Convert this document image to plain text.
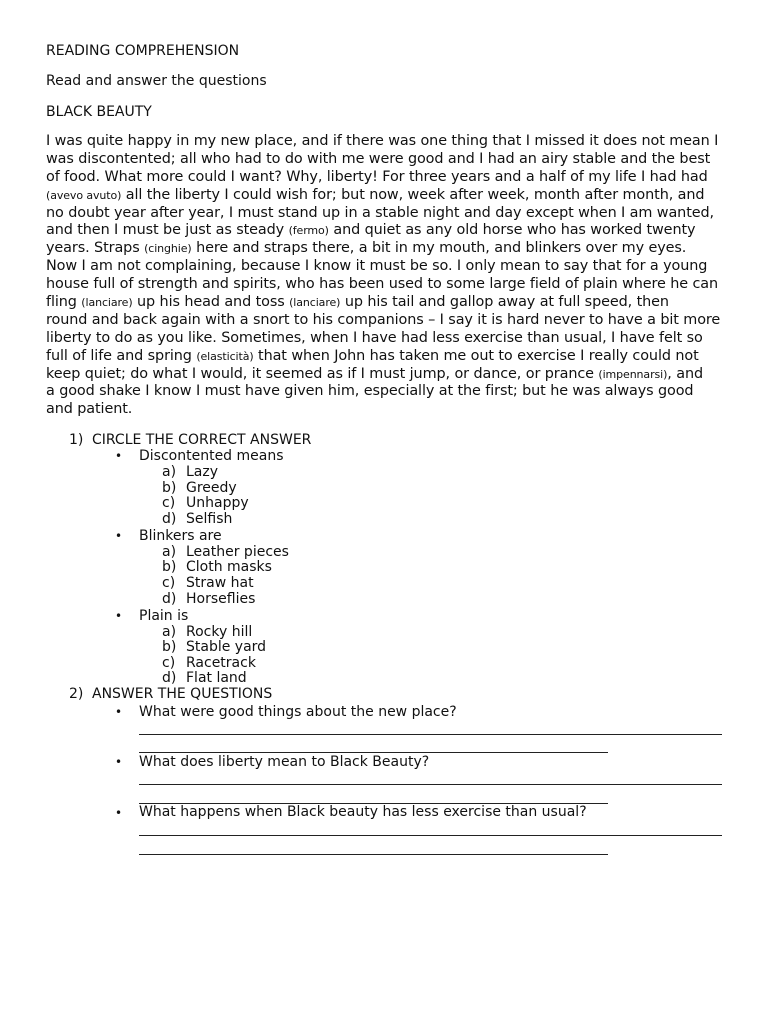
READING COMPREHENSION
Read and answer the questions
BLACK BEAUTY
I was quite happy in my new place, and if there was one thing that I missed it does not mean I
was discontented; all who had to do with me were good and I had an airy stable and the best
of food. What more could I want? Why, liberty! For three years and a half of my life I had had
(avevo avuto) all the liberty I could wish for; but now, week after week, month after month, and
no doubt year after year, I must stand up in a stable night and day except when I am wanted,
and then I must be just as steady (fermo) and quiet as any old horse who has worked twenty
years. Straps (cinghie) here and straps there, a bit in my mouth, and blinkers over my eyes.
Now I am not complaining, because I know it must be so. I only mean to say that for a young
house full of strength and spirits, who has been used to some large field of plain where he can
fling (lanciare) up his head and toss (lanciare) up his tail and gallop away at full speed, then
round and back again with a snort to his companions – I say it is hard never to have a bit more
liberty to do as you like. Sometimes, when I have had less exercise than usual, I have felt so
full of life and spring (elasticità) that when John has taken me out to exercise I really could not
keep quiet; do what I would, it seemed as if I must jump, or dance, or prance (impennarsi), and
a good shake I know I must have given him, especially at the first; but he was always good
and patient.
1) CIRCLE THE CORRECT ANSWER
• Discontented means
a) Lazy
b) Greedy
c) Unhappy
d) Selfish
• Blinkers are
a) Leather pieces
b) Cloth masks
c) Straw hat
d) Horseflies
• Plain is
a) Rocky hill
b) Stable yard
c) Racetrack
d) Flat land
2) ANSWER THE QUESTIONS
• What were good things about the new place?
• What does liberty mean to Black Beauty?
• What happens when Black beauty has less exercise than usual?
